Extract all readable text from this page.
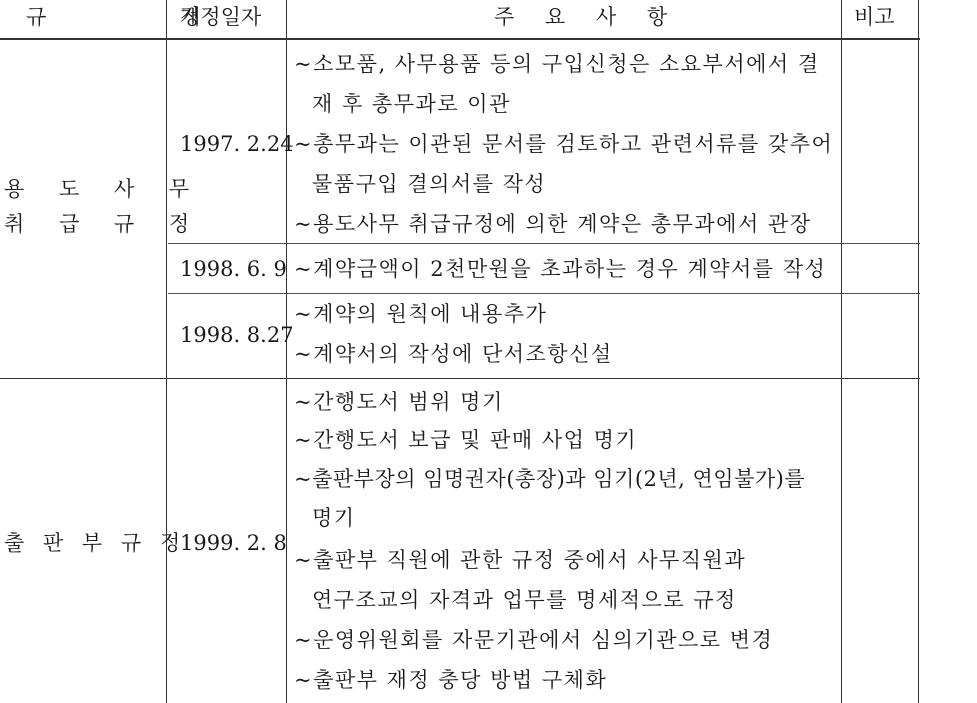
규  정
개정일자	주 요 사 항	비고
용 도 사 무
취 급 규 정
1997. 2.24
1998. 6. 9
1998. 8.27
~소모품, 사무용품 등의 구입신청은 소요부서에서 결
재 후 총무과로 이관
~총무과는 이관된 문서를 검토하고 관련서류를 갖추어
물품구입 결의서를 작성
~용도사무 취급규정에 의한 계약은 총무과에서 관장
~계약금액이 2천만원을 초과하는 경우 계약서를 작성
~계약의 원칙에 내용추가
~계약서의 작성에 단서조항신설
출 판 부 규 정
1999. 2. 8
~간행도서 범위 명기
~간행도서 보급 및 판매 사업 명기
~출판부장의 임명권자(총장)과 임기(2년, 연임불가)를
명기
~출판부 직원에 관한 규정 중에서 사무직원과
연구조교의 자격과 업무를 명세적으로 규정
~운영위원회를 자문기관에서 심의기관으로 변경
~출판부 재정 충당 방법 구체화
